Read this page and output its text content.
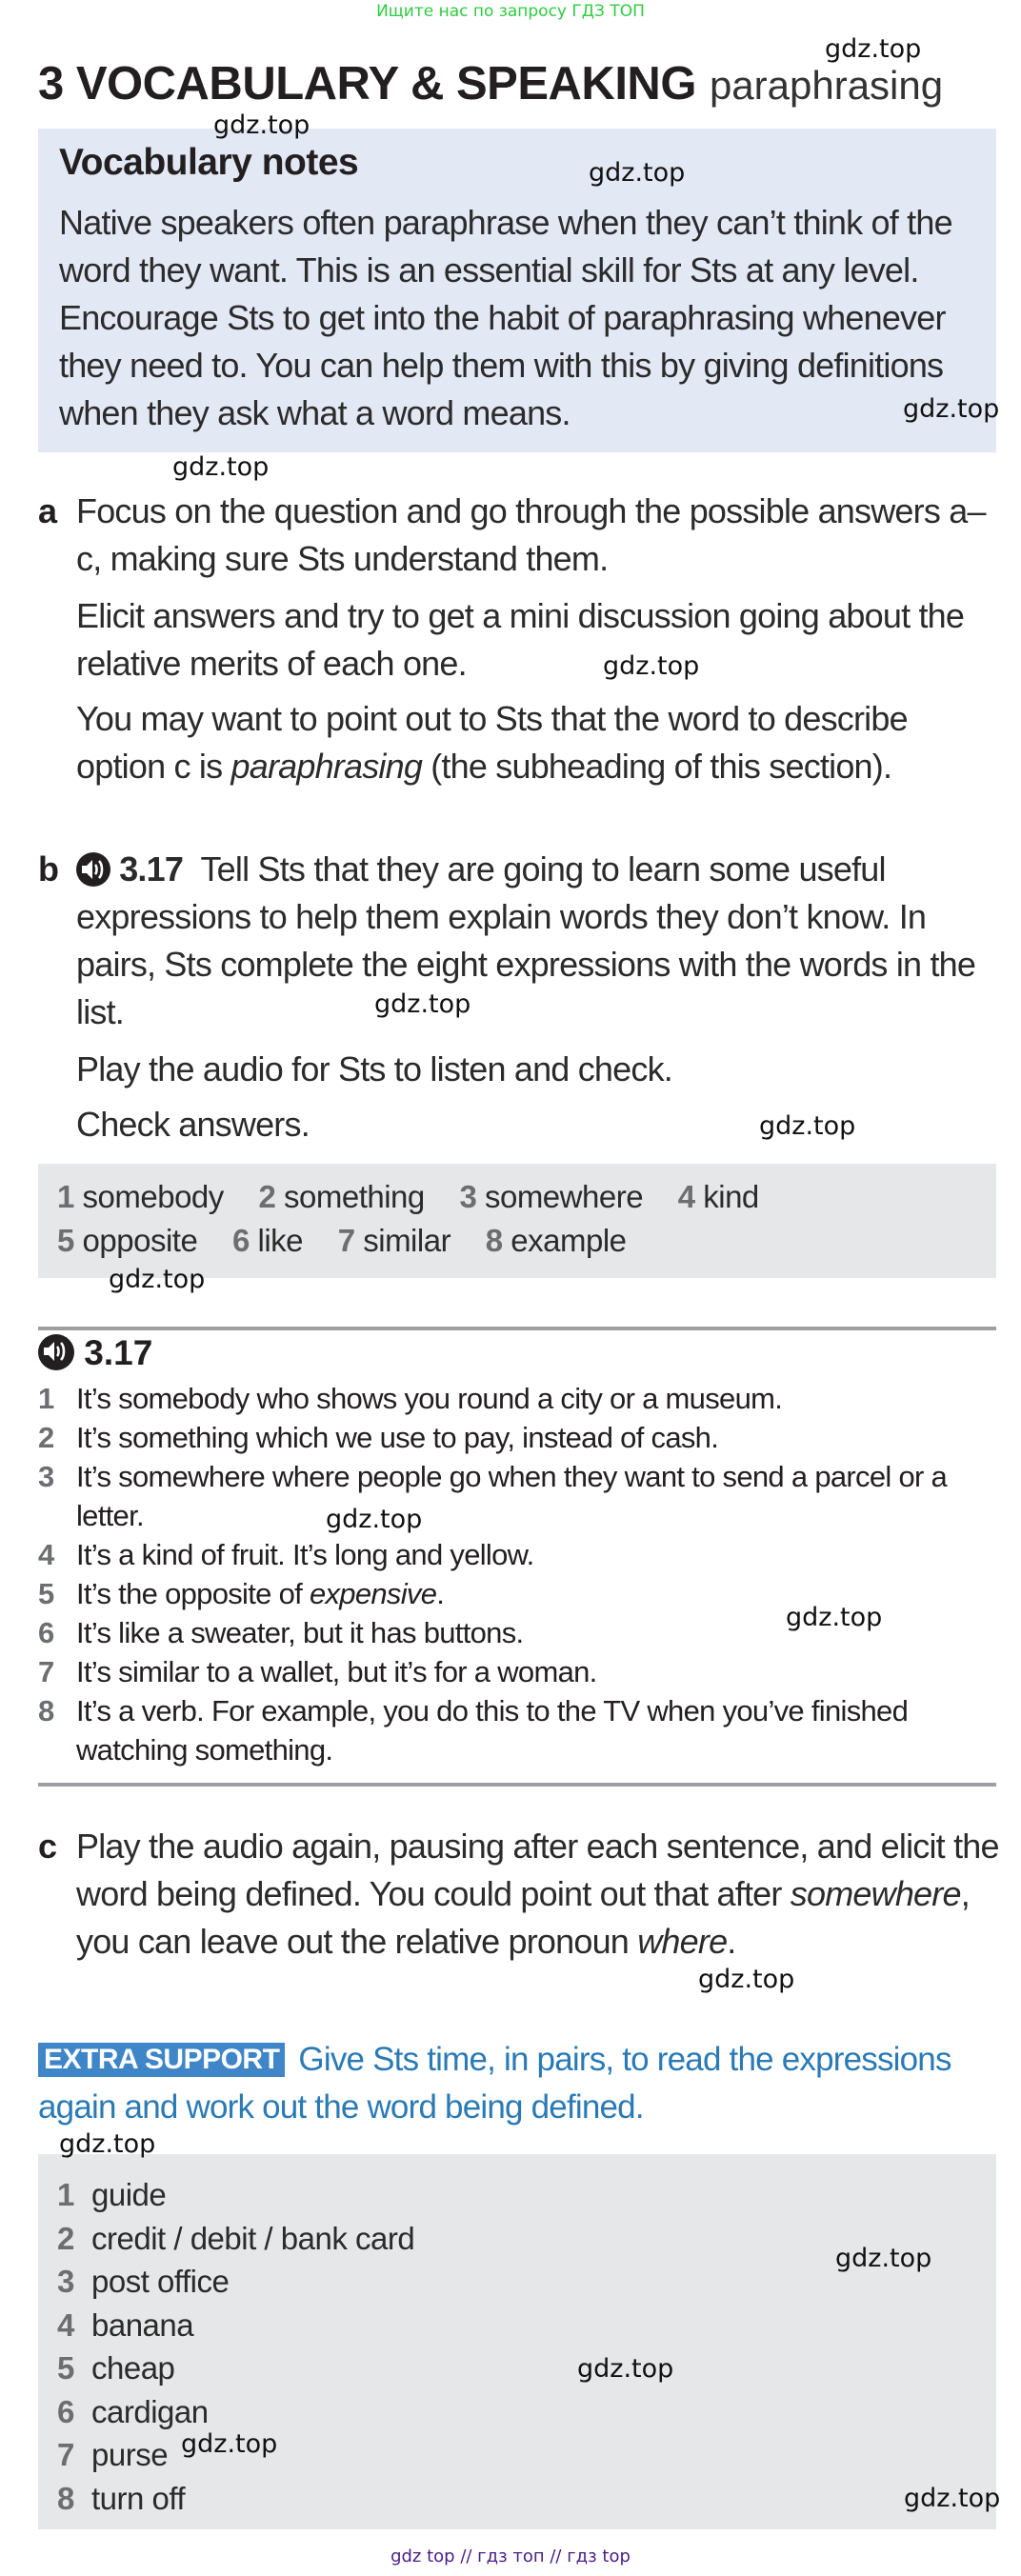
Ищите нас по запросу ГДЗ ТОП
3 VOCABULARY & SPEAKING paraphrasing
Vocabulary notes

Native speakers often paraphrase when they can’t think of the word they want. This is an essential skill for Sts at any level. Encourage Sts to get into the habit of paraphrasing whenever they need to. You can help them with this by giving definitions when they ask what a word means.

a Focus on the question and go through the possible answers a–c, making sure Sts understand them.
Elicit answers and try to get a mini discussion going about the relative merits of each one.
You may want to point out to Sts that the word to describe option c is paraphrasing (the subheading of this section).
b	3.17 Tell Sts that they are going to learn some useful expressions to help them explain words they don’t know. In pairs, Sts complete the eight expressions with the words in the list.
Play the audio for Sts to listen and check.
Check answers.
1 somebody 2 something 3 somewhere 4 kind
5 opposite 6 like 7 similar 8 example
3.17
1 It’s somebody who shows you round a city or a museum.
2 It’s something which we use to pay, instead of cash.
3 It’s somewhere where people go when they want to send a parcel or a letter.
4 It’s a kind of fruit. It’s long and yellow.
5 It’s the opposite of expensive.
6 It’s like a sweater, but it has buttons.
7 It’s similar to a wallet, but it’s for a woman.
8 It’s a verb. For example, you do this to the TV when you’ve finished watching something.
c Play the audio again, pausing after each sentence, and elicit the word being defined. You could point out that after somewhere, you can leave out the relative pronoun where.
EXTRA SUPPORT Give Sts time, in pairs, to read the expressions again and work out the word being defined.
1 guide
2 credit / debit / bank card
3 post office
4 banana
5 cheap
6 cardigan
7 purse
8 turn off
gdz.top
gdz.top
gdz.top
gdz.top
gdz.top
gdz.top
gdz.top
gdz.top
gdz.top
gdz.top
gdz.top
gdz.top
gdz.top
gdz.top
gdz.top
gdz.top
gdz.top
gdz top // гдз топ // гдз top
